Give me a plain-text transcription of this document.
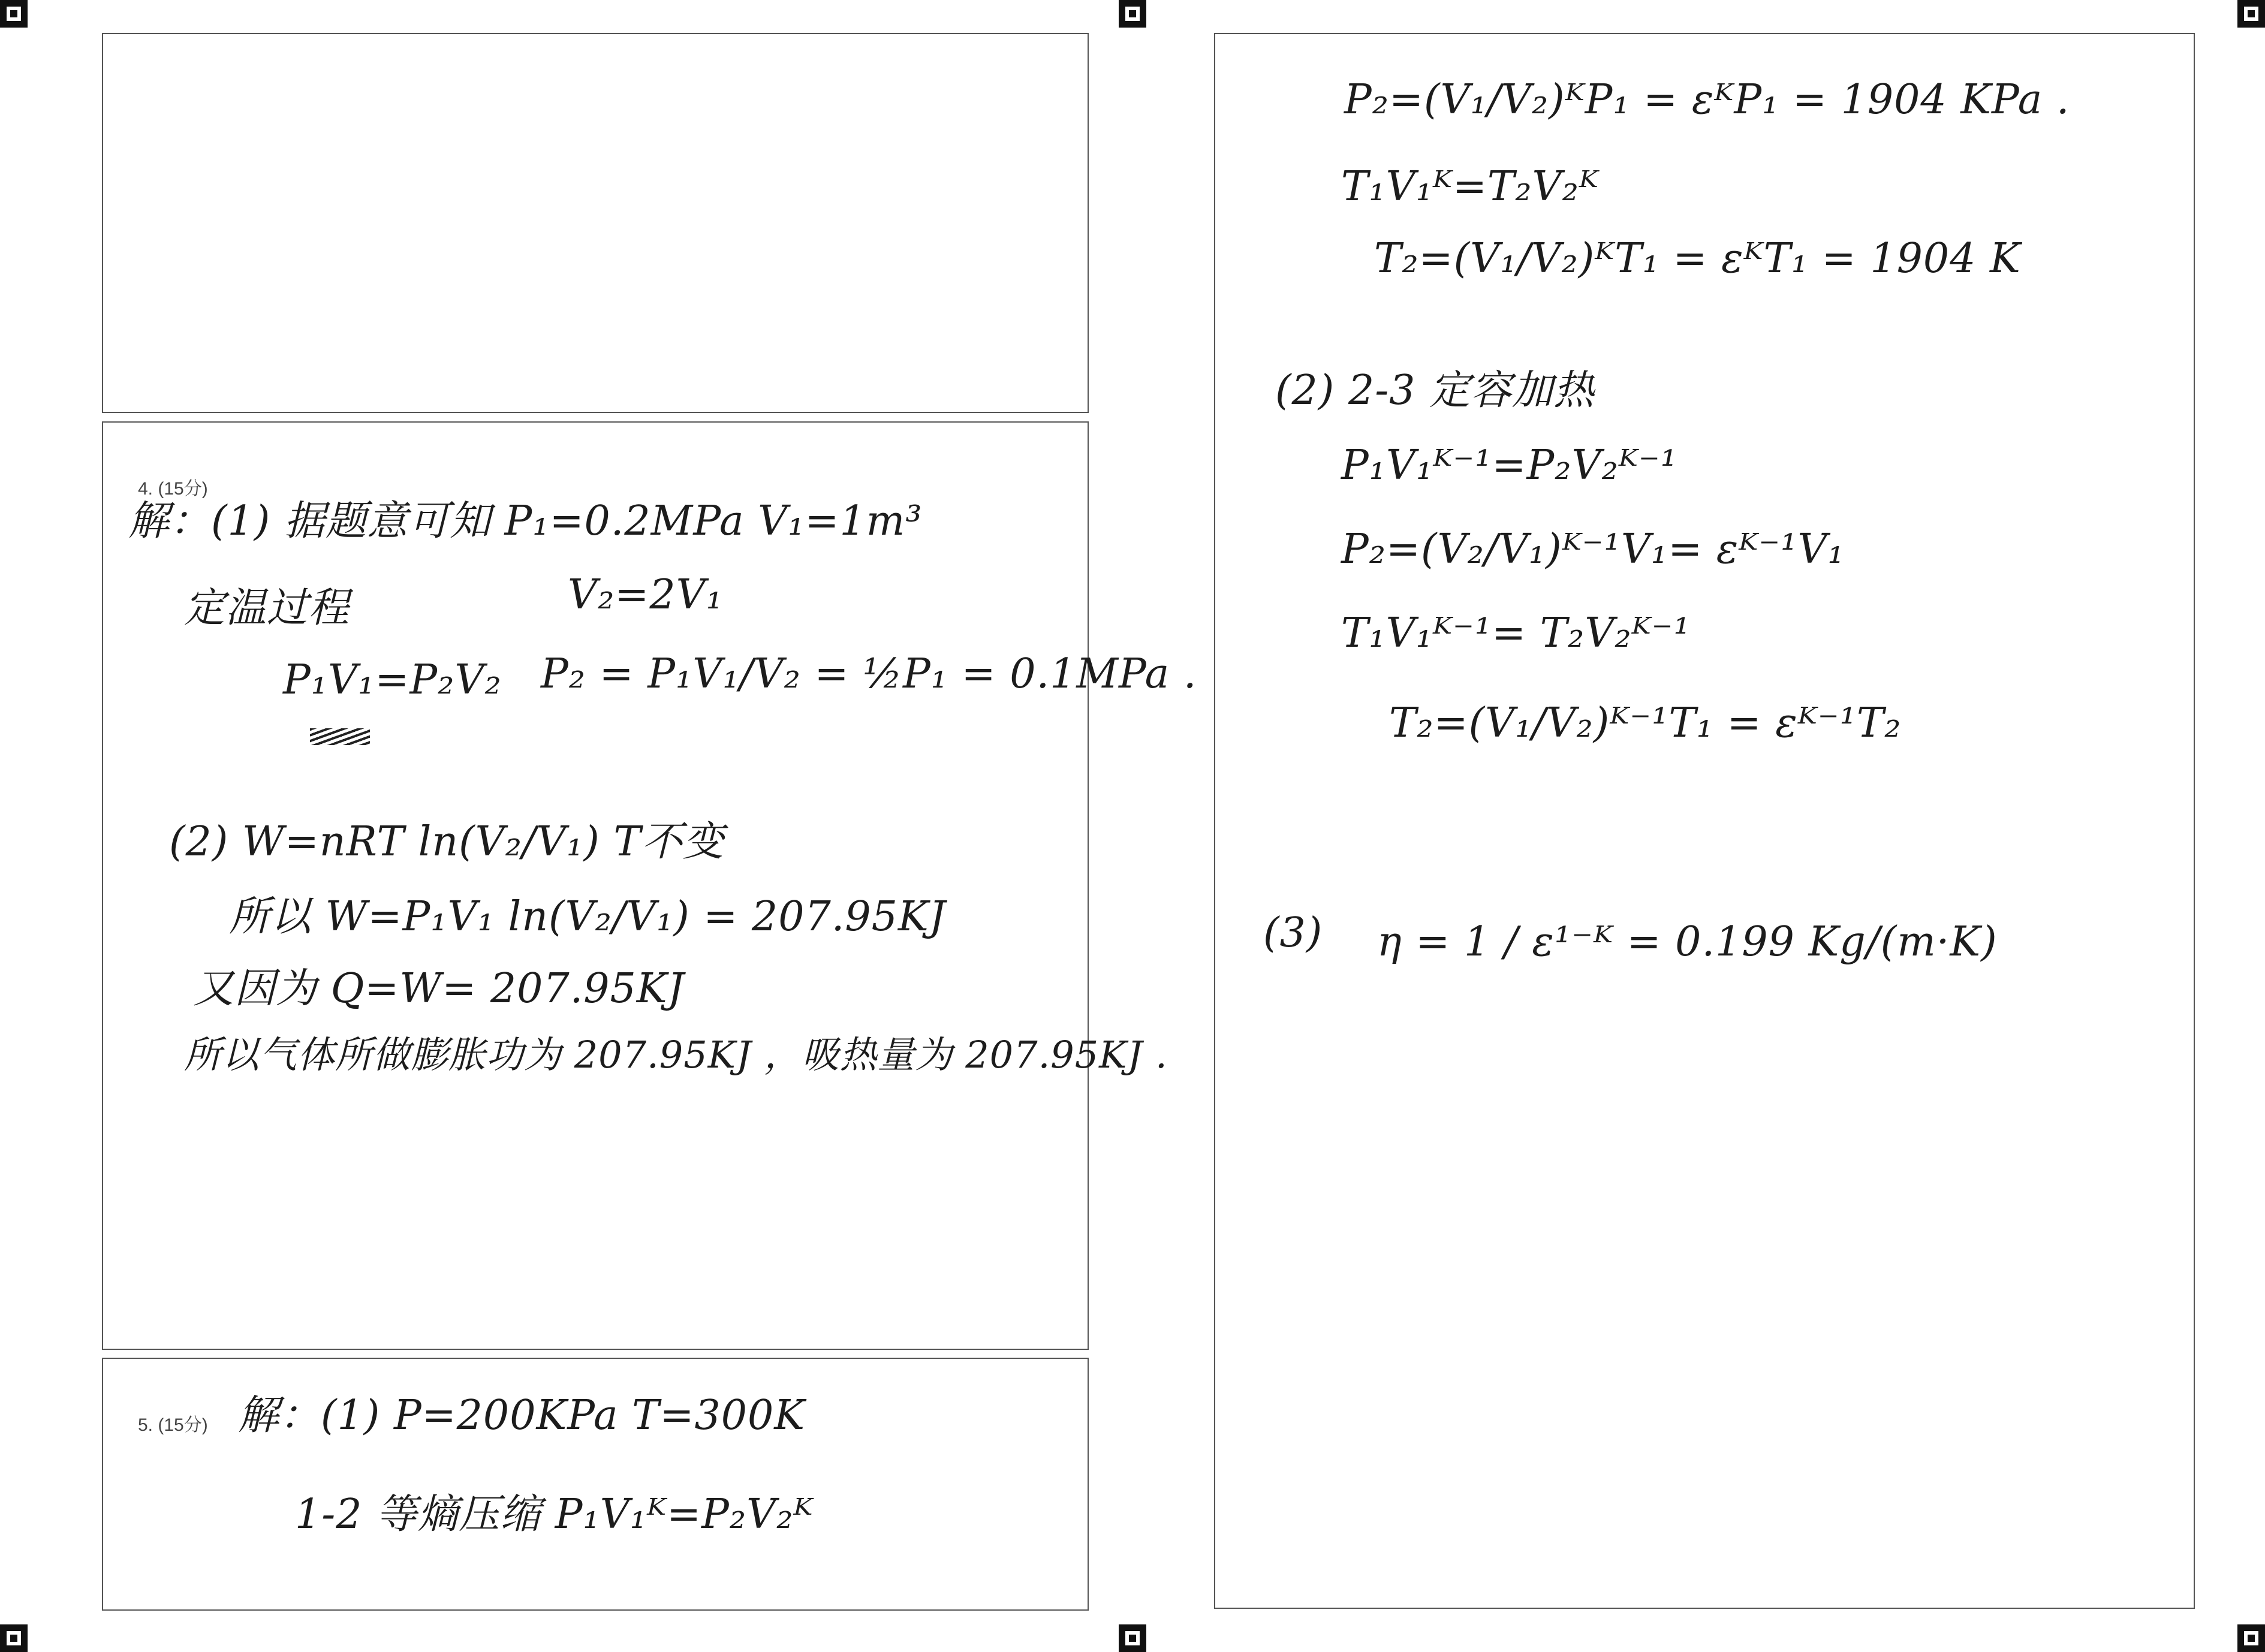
4. (15分)
解：(1) 据题意可知 P₁=0.2MPa V₁=1m³
定温过程	V₂=2V₁
P₁V₁=P₂V₂ P₂ = P₁V₁/V₂ = ½P₁ = 0.1MPa .
(2) W=nRT ln(V₂/V₁) T不变
所以 W=P₁V₁ ln(V₂/V₁) = 207.95KJ
又因为 Q=W= 207.95KJ
所以气体所做膨胀功为 207.95KJ ，吸热量为 207.95KJ .
5. (15分) 解：(1) P=200KPa T=300K
1-2 等熵压缩 P₁V₁ᴷ=P₂V₂ᴷ
P₂=(V₁/V₂)ᴷP₁ = εᴷP₁ = 1904 KPa .
T₁V₁ᴷ=T₂V₂ᴷ
T₂=(V₁/V₂)ᴷT₁ = εᴷT₁ = 1904 K
(2) 2-3 定容加热
P₁V₁ᴷ⁻¹=P₂V₂ᴷ⁻¹
P₂=(V₂/V₁)ᴷ⁻¹V₁= εᴷ⁻¹V₁
T₁V₁ᴷ⁻¹= T₂V₂ᴷ⁻¹
T₂=(V₁/V₂)ᴷ⁻¹T₁ = εᴷ⁻¹T₂
(3) η = 1 / ε¹⁻ᴷ = 0.199 Kg/(m·K)
